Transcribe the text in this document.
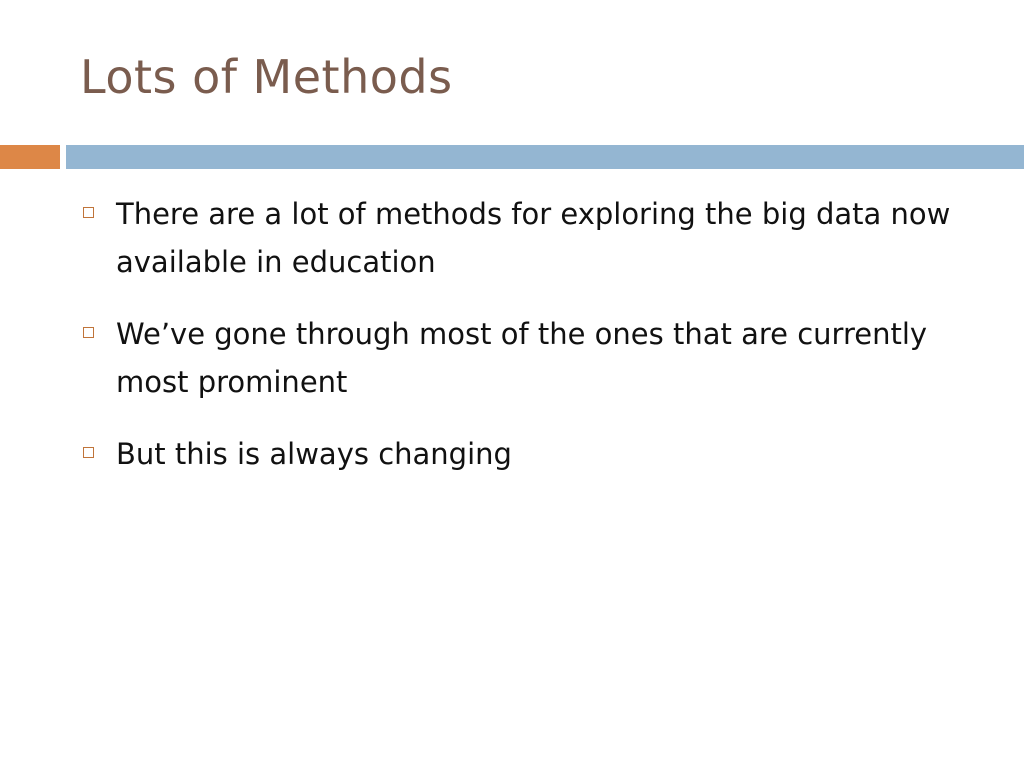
Lots of Methods
There are a lot of methods for exploring the big data now available in education
We’ve gone through most of the ones that are currently most prominent
But this is always changing
